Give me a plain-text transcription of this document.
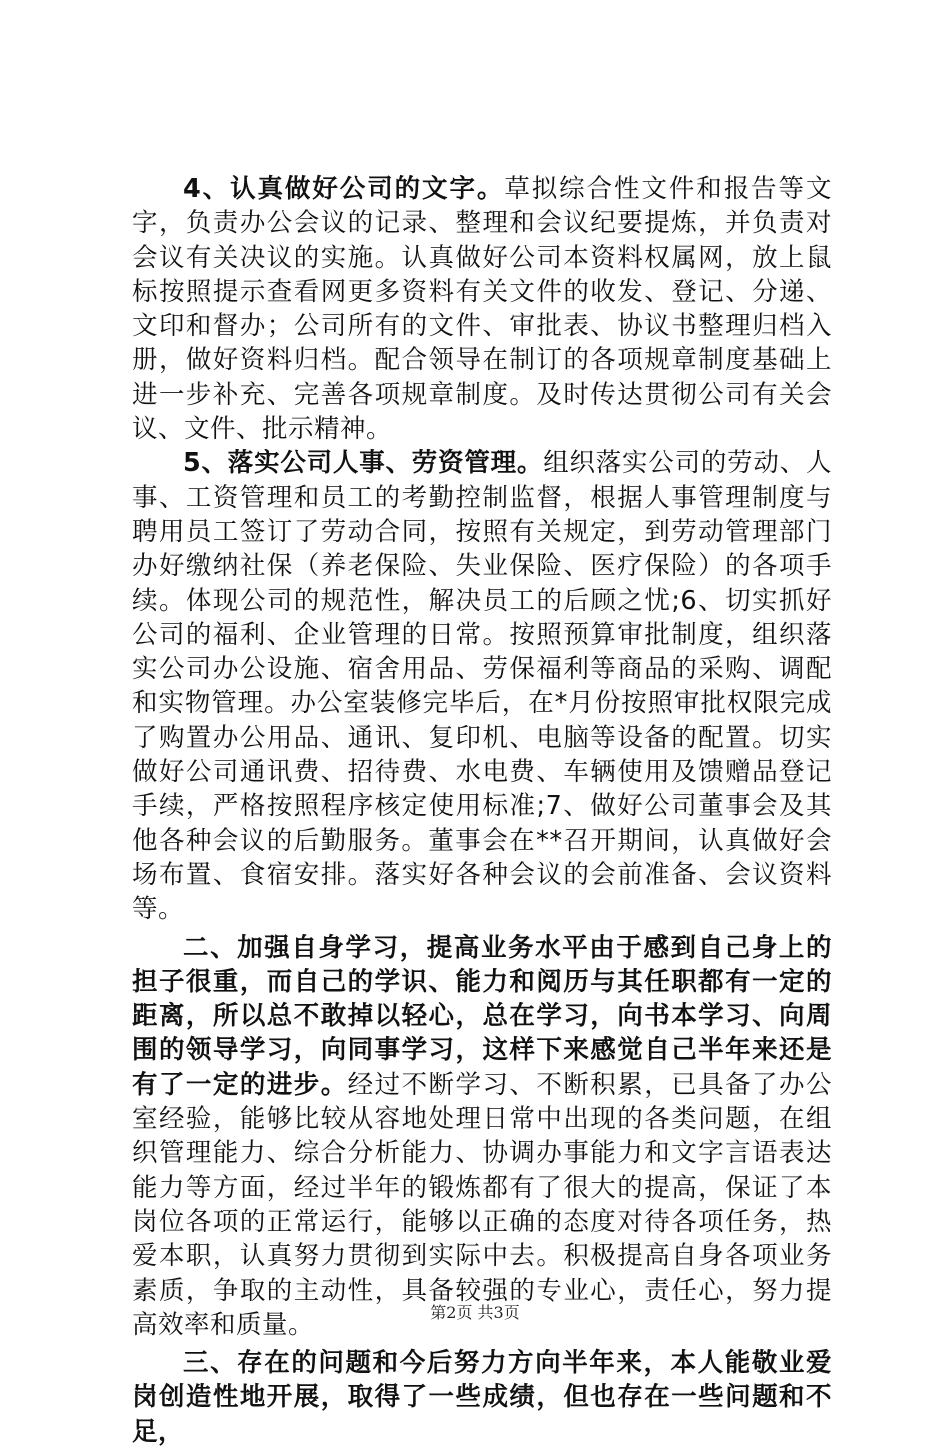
4、认真做好公司的文字。草拟综合性文件和报告等文字，负责办公会议的记录、整理和会议纪要提炼，并负责对会议有关决议的实施。认真做好公司本资料权属网，放上鼠标按照提示查看网更多资料有关文件的收发、登记、分递、文印和督办；公司所有的文件、审批表、协议书整理归档入册，做好资料归档。配合领导在制订的各项规章制度基础上进一步补充、完善各项规章制度。及时传达贯彻公司有关会议、文件、批示精神。

5、落实公司人事、劳资管理。组织落实公司的劳动、人事、工资管理和员工的考勤控制监督，根据人事管理制度与聘用员工签订了劳动合同，按照有关规定，到劳动管理部门办好缴纳社保（养老保险、失业保险、医疗保险）的各项手续。体现公司的规范性，解决员工的后顾之忧;6、切实抓好公司的福利、企业管理的日常。按照预算审批制度，组织落实公司办公设施、宿舍用品、劳保福利等商品的采购、调配和实物管理。办公室装修完毕后，在*月份按照审批权限完成了购置办公用品、通讯、复印机、电脑等设备的配置。切实做好公司通讯费、招待费、水电费、车辆使用及馈赠品登记手续，严格按照程序核定使用标准;7、做好公司董事会及其他各种会议的后勤服务。董事会在**召开期间，认真做好会场布置、食宿安排。落实好各种会议的会前准备、会议资料等。

二、加强自身学习，提高业务水平由于感到自己身上的担子很重，而自己的学识、能力和阅历与其任职都有一定的距离，所以总不敢掉以轻心，总在学习，向书本学习、向周围的领导学习，向同事学习，这样下来感觉自己半年来还是有了一定的进步。经过不断学习、不断积累，已具备了办公室经验，能够比较从容地处理日常中出现的各类问题，在组织管理能力、综合分析能力、协调办事能力和文字言语表达能力等方面，经过半年的锻炼都有了很大的提高，保证了本岗位各项的正常运行，能够以正确的态度对待各项任务，热爱本职，认真努力贯彻到实际中去。积极提高自身各项业务素质，争取的主动性，具备较强的专业心，责任心，努力提高效率和质量。

三、存在的问题和今后努力方向半年来，本人能敬业爱岗创造性地开展，取得了一些成绩，但也存在一些问题和不足，

第2页 共3页
